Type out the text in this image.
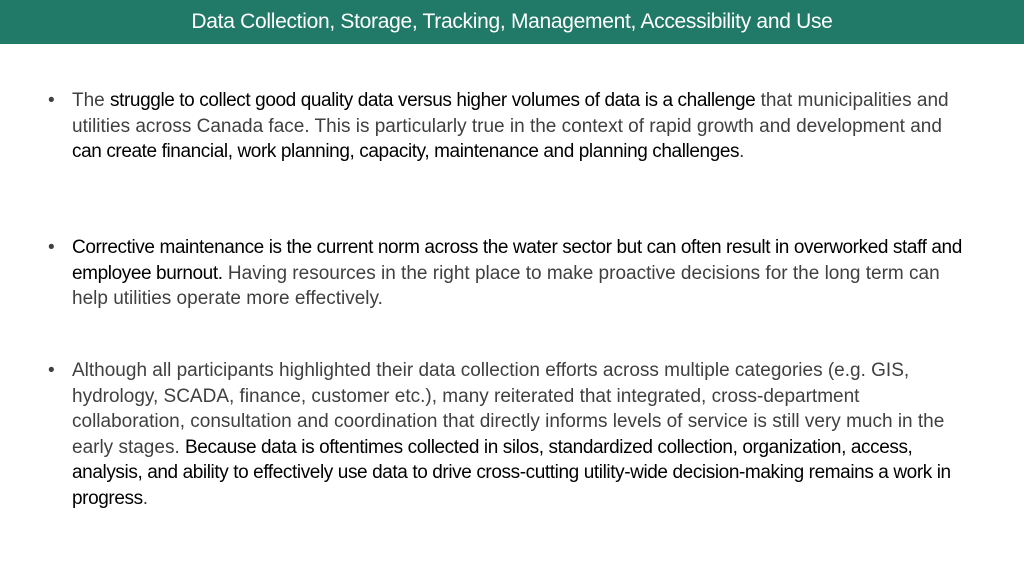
Data Collection, Storage, Tracking, Management, Accessibility and Use
• The struggle to collect good quality data versus higher volumes of data is a challenge that municipalities and utilities across Canada face. This is particularly true in the context of rapid growth and development and can create financial, work planning, capacity, maintenance and planning challenges.
• Corrective maintenance is the current norm across the water sector but can often result in overworked staff and employee burnout. Having resources in the right place to make proactive decisions for the long term can help utilities operate more effectively.
• Although all participants highlighted their data collection efforts across multiple categories (e.g. GIS, hydrology, SCADA, finance, customer etc.), many reiterated that integrated, cross-department collaboration, consultation and coordination that directly informs levels of service is still very much in the early stages. Because data is oftentimes collected in silos, standardized collection, organization, access, analysis, and ability to effectively use data to drive cross-cutting utility-wide decision-making remains a work in progress.
